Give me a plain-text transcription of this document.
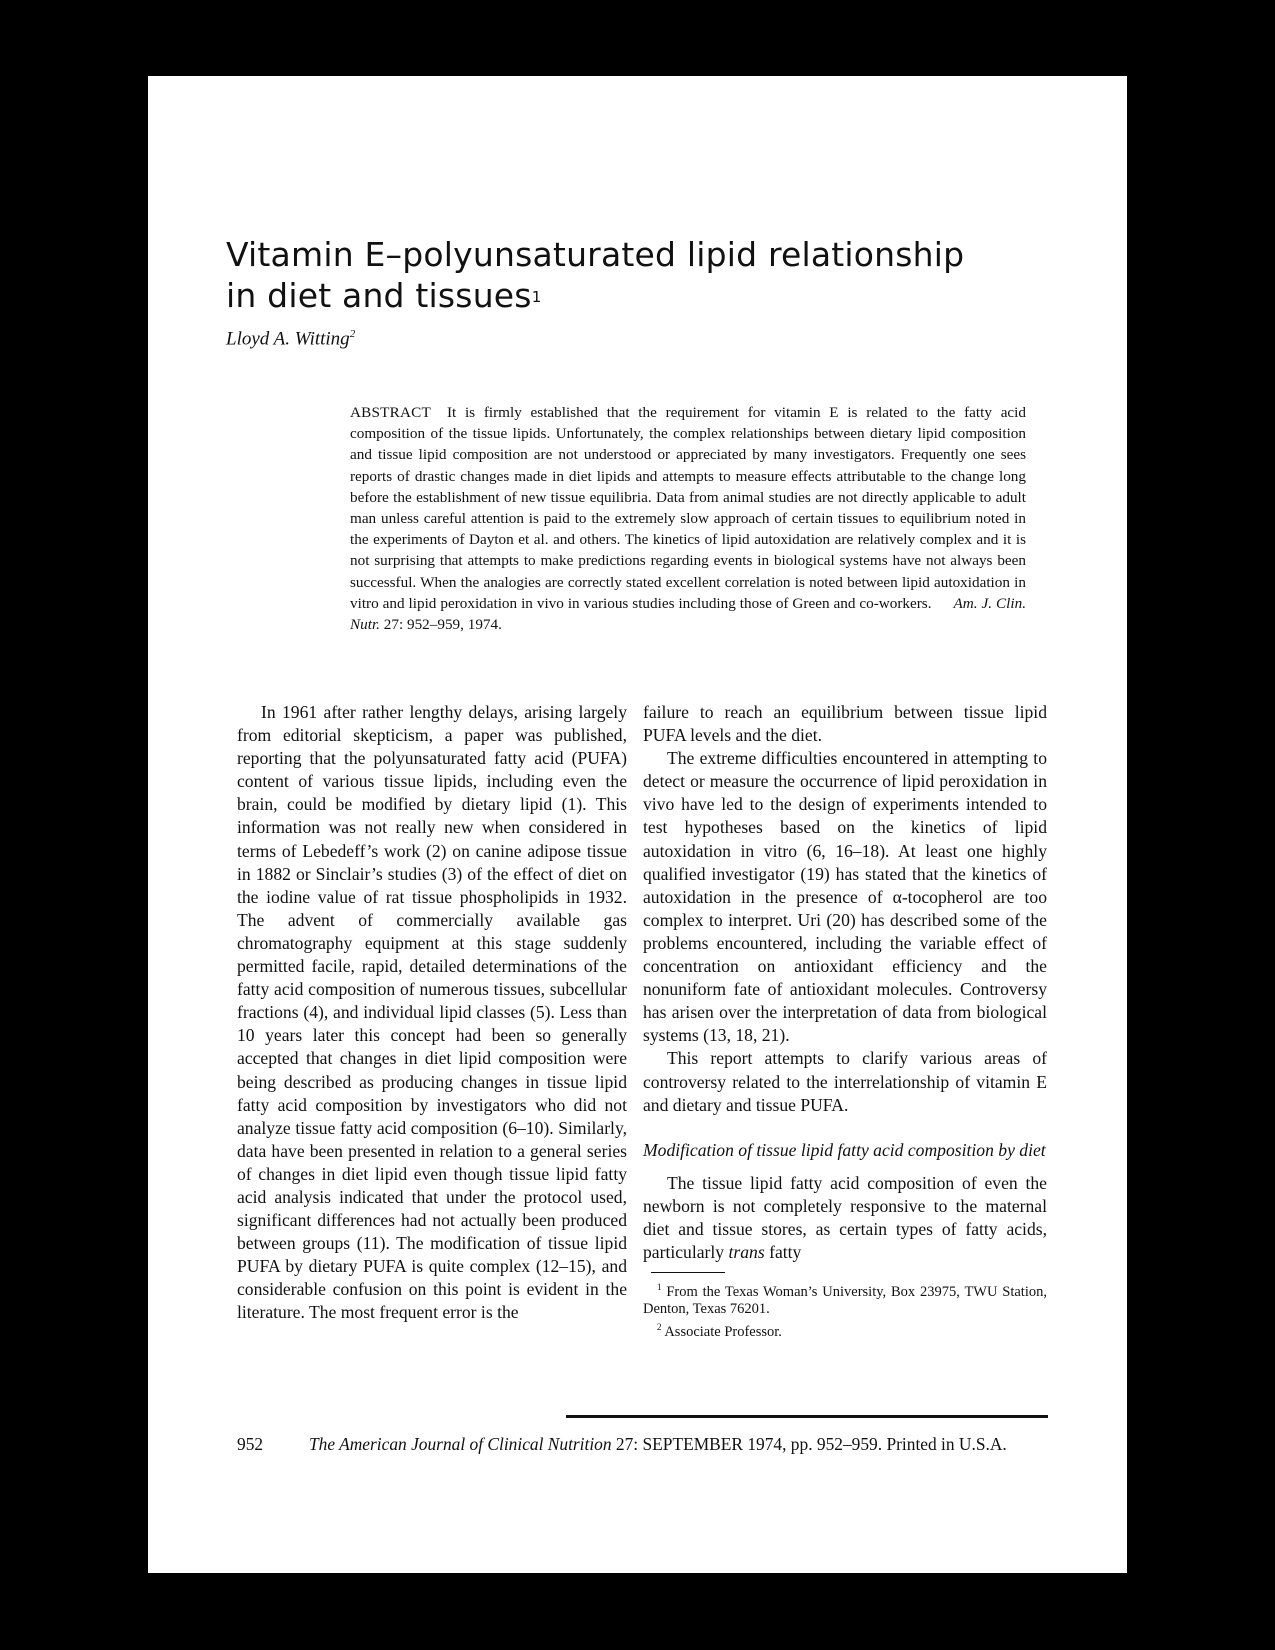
Vitamin E–polyunsaturated lipid relationship
in diet and tissues$^1$
Lloyd A. Witting$^2$
ABSTRACT It is firmly established that the requirement for vitamin E is related to the fatty acid composition of the tissue lipids. Unfortunately, the complex relationships between dietary lipid composition and tissue lipid composition are not understood or appreciated by many investigators. Frequently one sees reports of drastic changes made in diet lipids and attempts to measure effects attributable to the change long before the establishment of new tissue equilibria. Data from animal studies are not directly applicable to adult man unless careful attention is paid to the extremely slow approach of certain tissues to equilibrium noted in the experiments of Dayton et al. and others. The kinetics of lipid autoxidation are relatively complex and it is not surprising that attempts to make predictions regarding events in biological systems have not always been successful. When the analogies are correctly stated excellent correlation is noted between lipid autoxidation in vitro and lipid peroxidation in vivo in various studies including those of Green and co-workers. Am. J. Clin. Nutr. 27: 952–959, 1974.

In 1961 after rather lengthy delays, arising largely from editorial skepticism, a paper was published, reporting that the polyunsaturated fatty acid (PUFA) content of various tissue lipids, including even the brain, could be modified by dietary lipid (1). This information was not really new when considered in terms of Lebedeff’s work (2) on canine adipose tissue in 1882 or Sinclair’s studies (3) of the effect of diet on the iodine value of rat tissue phospholipids in 1932. The advent of commercially available gas chromatography equipment at this stage suddenly permitted facile, rapid, detailed determinations of the fatty acid composition of numerous tissues, subcellular fractions (4), and individual lipid classes (5). Less than 10 years later this concept had been so generally accepted that changes in diet lipid composition were being described as producing changes in tissue lipid fatty acid composition by investigators who did not analyze tissue fatty acid composition (6–10). Similarly, data have been presented in relation to a general series of changes in diet lipid even though tissue lipid fatty acid analysis indicated that under the protocol used, significant differences had not actually been produced between groups (11). The modification of tissue lipid PUFA by dietary PUFA is quite complex (12–15), and considerable confusion on this point is evident in the literature. The most frequent error is the

failure to reach an equilibrium between tissue lipid PUFA levels and the diet.

The extreme difficulties encountered in attempting to detect or measure the occurrence of lipid peroxidation in vivo have led to the design of experiments intended to test hypotheses based on the kinetics of lipid autoxidation in vitro (6, 16–18). At least one highly qualified investigator (19) has stated that the kinetics of autoxidation in the presence of α-tocopherol are too complex to interpret. Uri (20) has described some of the problems encountered, including the variable effect of concentration on antioxidant efficiency and the nonuniform fate of antioxidant molecules. Controversy has arisen over the interpretation of data from biological systems (13, 18, 21).

This report attempts to clarify various areas of controversy related to the interrelationship of vitamin E and dietary and tissue PUFA.

Modification of tissue lipid fatty acid composition by diet

The tissue lipid fatty acid composition of even the newborn is not completely responsive to the maternal diet and tissue stores, as certain types of fatty acids, particularly trans fatty

$^1$ From the Texas Woman’s University, Box 23975, TWU Station, Denton, Texas 76201.

$^2$ Associate Professor.

952	The American Journal of Clinical Nutrition 27: SEPTEMBER 1974, pp. 952–959. Printed in U.S.A.
